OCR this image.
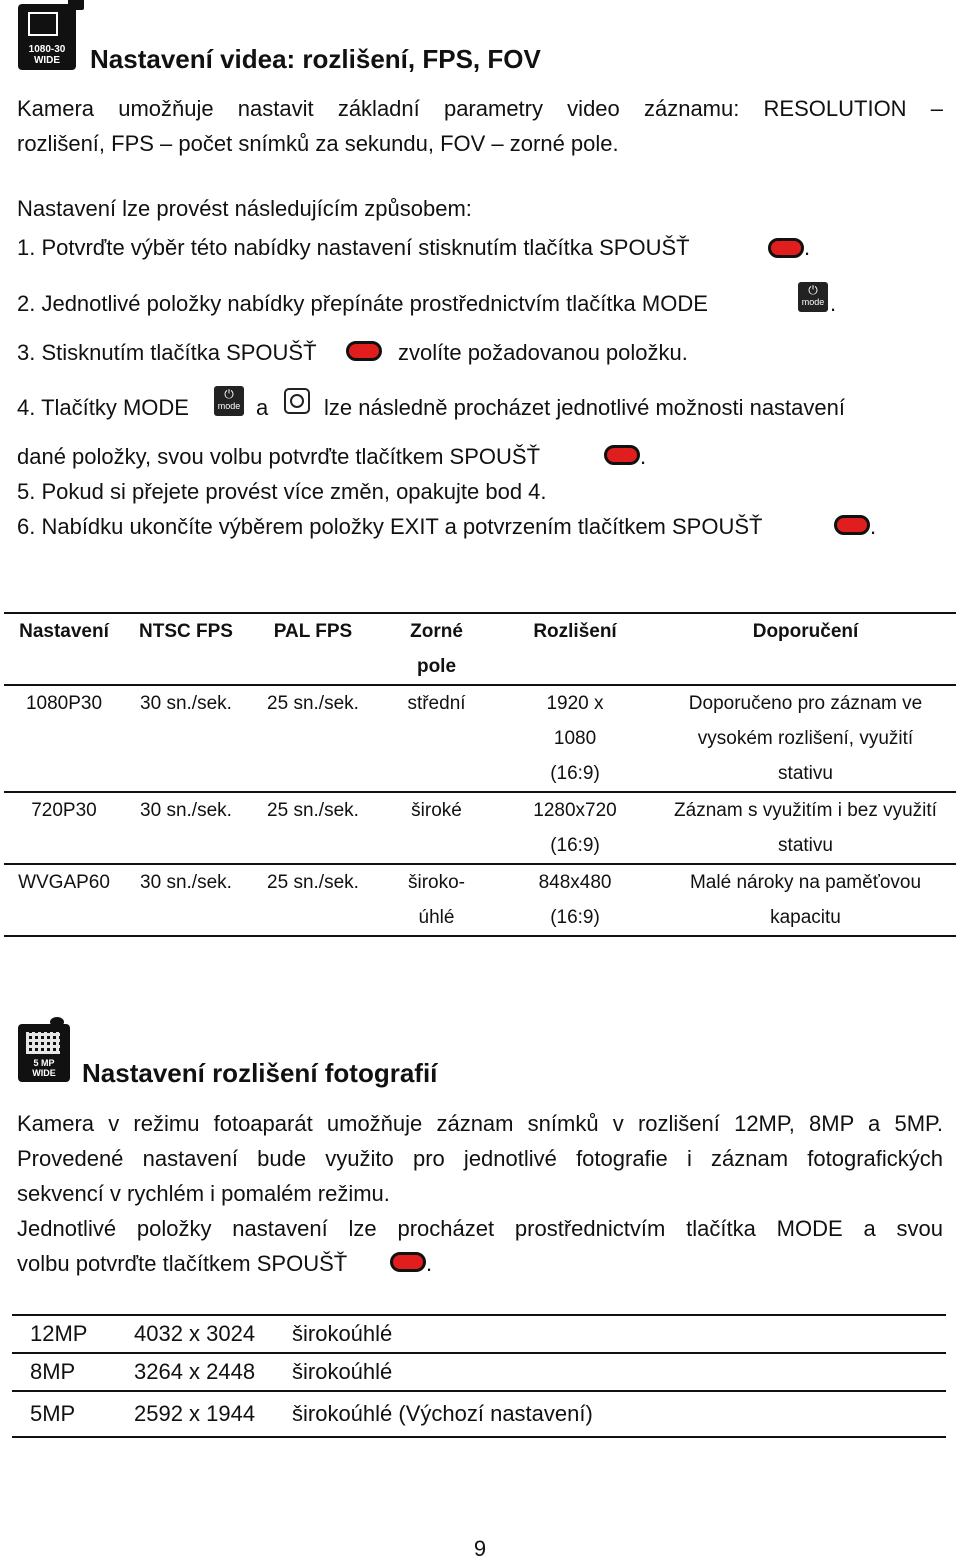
1080-30
WIDE	Nastavení videa: rozlišení, FPS, FOV
Kamera umožňuje nastavit základní parametry video záznamu: RESOLUTION –
rozlišení, FPS – počet snímků za sekundu, FOV – zorné pole.
Nastavení lze provést následujícím způsobem:
1. Potvrďte výběr této nabídky nastavení stisknutím tlačítka SPOUŠŤ	.
2. Jednotlivé položky nabídky přepínáte prostřednictvím tlačítka MODE
⏻
mode .
3. Stisknutím tlačítka SPOUŠŤ	zvolíte požadovanou položku.
4. Tlačítky MODE
⏻
mode a	lze následně procházet jednotlivé možnosti nastavení
dané položky, svou volbu potvrďte tlačítkem SPOUŠŤ	.
5. Pokud si přejete provést více změn, opakujte bod 4.
6. Nabídku ukončíte výběrem položky EXIT a potvrzením tlačítkem SPOUŠŤ	.
Nastavení	NTSC FPS	PAL FPS	Zorné pole	Rozlišení	Doporučení
1080P30	30 sn./sek.	25 sn./sek.	střední	1920 x 1080 (16:9)	Doporučeno pro záznam ve vysokém rozlišení, využití stativu
720P30	30 sn./sek.	25 sn./sek.	široké	1280x720 (16:9)	Záznam s využitím i bez využití stativu
WVGAP60	30 sn./sek.	25 sn./sek.	široko-úhlé	848x480 (16:9)	Malé nároky na paměťovou kapacitu
5 MP
WIDE	Nastavení rozlišení fotografií
Kamera v režimu fotoaparát umožňuje záznam snímků v rozlišení 12MP, 8MP a 5MP.
Provedené nastavení bude využito pro jednotlivé fotografie i záznam fotografických
sekvencí v rychlém i pomalém režimu.
Jednotlivé položky nastavení lze procházet prostřednictvím tlačítka MODE a svou
volbu potvrďte tlačítkem SPOUŠŤ	.
12MP	4032 x 3024	širokoúhlé
8MP	3264 x 2448	širokoúhlé
5MP	2592 x 1944	širokoúhlé (Výchozí nastavení)
9
